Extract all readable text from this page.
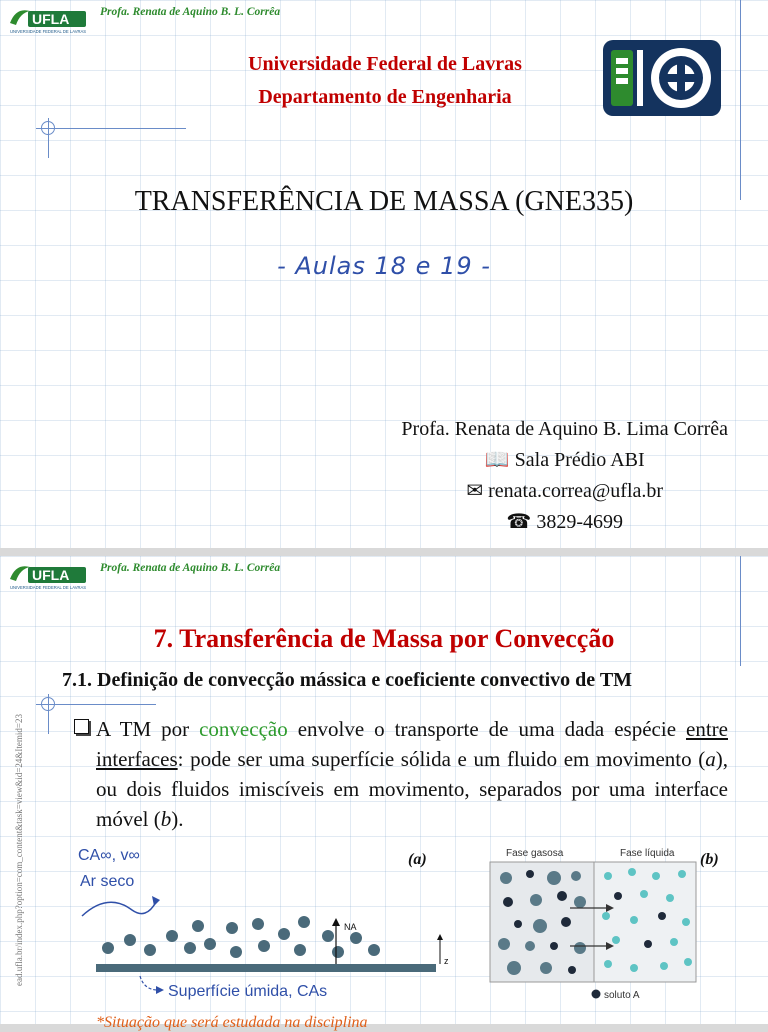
UFLA
UNIVERSIDADE FEDERAL DE LAVRAS
Profa. Renata de Aquino B. L. Corrêa
Universidade Federal de Lavras
Departamento de Engenharia
TRANSFERÊNCIA DE MASSA (GNE335)
- Aulas 18 e 19 -
Profa. Renata de Aquino B. Lima Corrêa
📖 Sala Prédio ABI
✉ renata.correa@ufla.br
☎ 3829-4699
UFLA
UNIVERSIDADE FEDERAL DE LAVRAS
Profa. Renata de Aquino B. L. Corrêa
7. Transferência de Massa por Convecção
7.1. Definição de convecção mássica e coeficiente convectivo de TM
A TM por convecção envolve o transporte de uma dada espécie entre interfaces: pode ser uma superfície sólida e um fluido em movimento (a), ou dois fluidos imiscíveis em movimento, separados por uma interface móvel (b).
ead.ufla.br/index.php?option=com_content&task=view&id=24&Itemid=23	CA∞, v∞
Ar seco
(a)
NA
z
Superfície úmida, CAs
Fase gasosa	Fase líquida (b)
soluto A
*Situação que será estudada na disciplina
